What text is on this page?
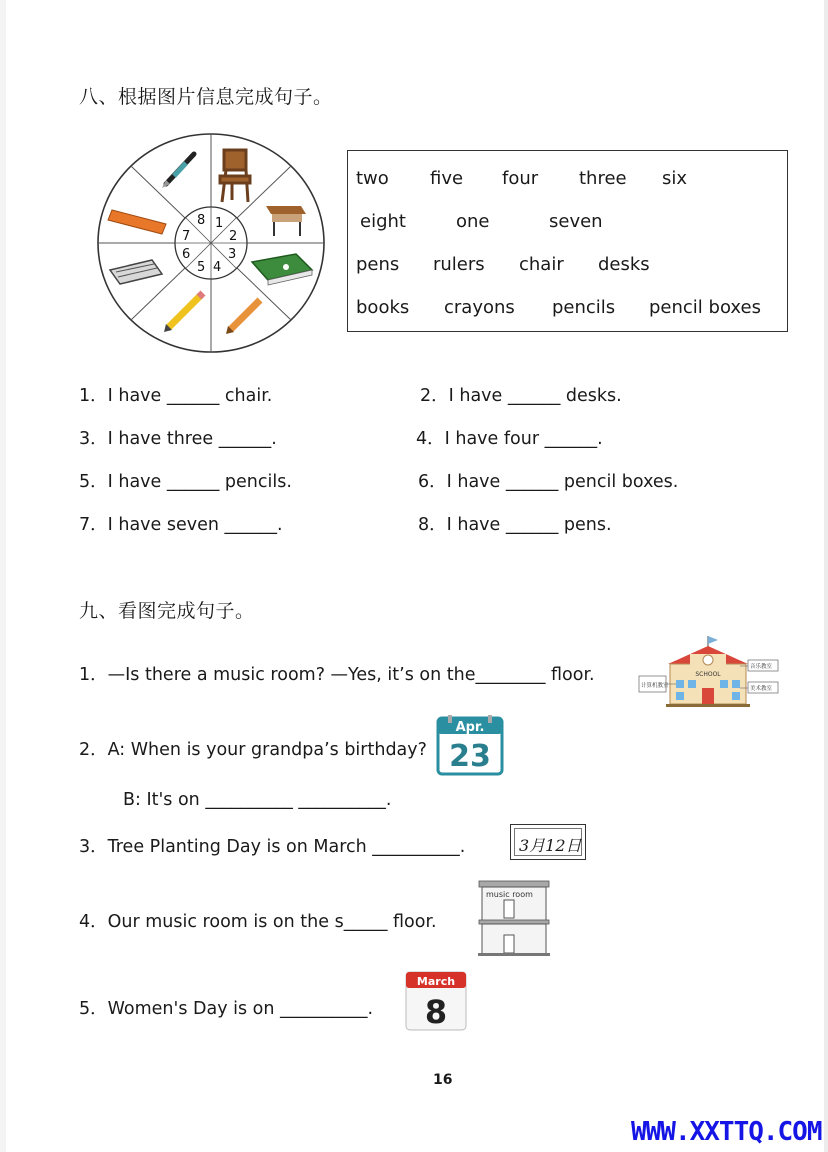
八、根据图片信息完成句子。
8 1
2
3
4
5
6
7
two five four three six
eight	one	seven
pens rulers chair desks
books crayons pencils pencil boxes
1．I have ______ chair.	2．I have ______ desks.
3．I have three ______.	4．I have four ______.
5．I have ______ pencils.	6．I have ______ pencil boxes.
7．I have seven ______.	8．I have ______ pens.
九、看图完成句子。
1．—Is there a music room? —Yes, it’s on the________ floor.	SCHOOL
计算机教室
音乐教室
美术教室
2．A: When is your grandpa’s birthday?
Apr.
23
B: It's on __________ __________.
3．Tree Planting Day is on March __________.	3月12日
4．Our music room is on the s_____ floor.
music room
5．Women's Day is on __________.
March
8
16
WWW.XXTTQ.COM
